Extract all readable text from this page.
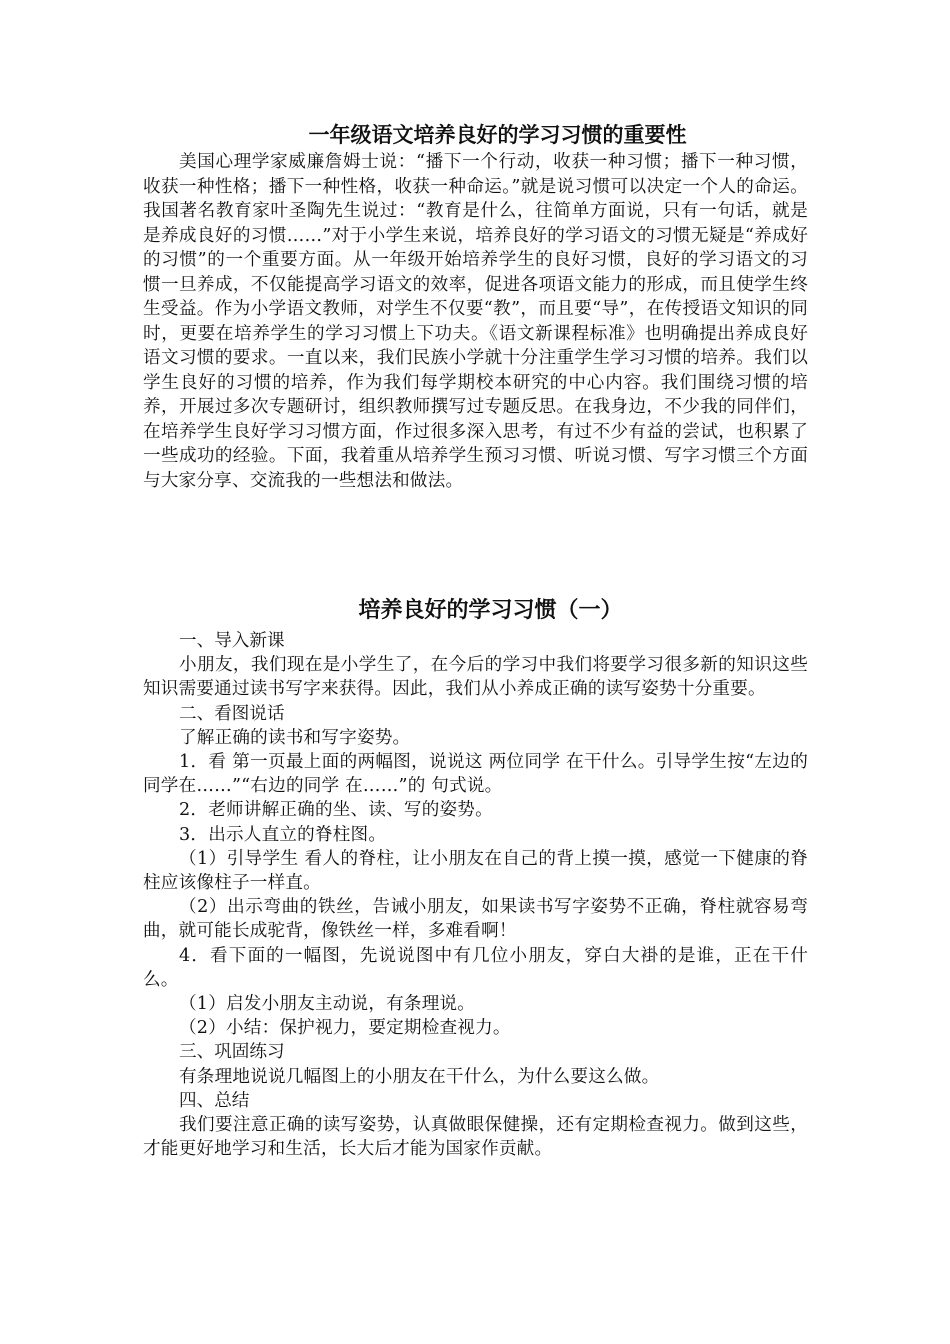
一年级语文培养良好的学习习惯的重要性

美国心理学家威廉詹姆士说：“播下一个行动，收获一种习惯；播下一种习惯，收获一种性格；播下一种性格，收获一种命运。”就是说习惯可以决定一个人的命运。我国著名教育家叶圣陶先生说过：“教育是什么，往简单方面说，只有一句话，就是是养成良好的习惯……”对于小学生来说，培养良好的学习语文的习惯无疑是“养成好的习惯”的一个重要方面。从一年级开始培养学生的良好习惯，良好的学习语文的习惯一旦养成，不仅能提高学习语文的效率，促进各项语文能力的形成，而且使学生终生受益。作为小学语文教师，对学生不仅要“教”，而且要“导”，在传授语文知识的同时，更要在培养学生的学习习惯上下功夫。《语文新课程标准》也明确提出养成良好语文习惯的要求。一直以来，我们民族小学就十分注重学生学习习惯的培养。我们以学生良好的习惯的培养，作为我们每学期校本研究的中心内容。我们围绕习惯的培养，开展过多次专题研讨，组织教师撰写过专题反思。在我身边，不少我的同伴们，在培养学生良好学习习惯方面，作过很多深入思考，有过不少有益的尝试，也积累了一些成功的经验。下面，我着重从培养学生预习习惯、听说习惯、写字习惯三个方面与大家分享、交流我的一些想法和做法。

培养良好的学习习惯（一）

一、导入新课

小朋友，我们现在是小学生了，在今后的学习中我们将要学习很多新的知识这些知识需要通过读书写字来获得。因此，我们从小养成正确的读写姿势十分重要。

二、看图说话

了解正确的读书和写字姿势。

1．看 第一页最上面的两幅图，说说这 两位同学 在干什么。引导学生按“左边的同学在……”“右边的同学 在……”的 句式说。

2．老师讲解正确的坐、读、写的姿势。

3．出示人直立的脊柱图。

（1）引导学生 看人的脊柱，让小朋友在自己的背上摸一摸，感觉一下健康的脊柱应该像柱子一样直。

（2）出示弯曲的铁丝，告诫小朋友，如果读书写字姿势不正确，脊柱就容易弯曲，就可能长成驼背，像铁丝一样，多难看啊！

4．看下面的一幅图，先说说图中有几位小朋友，穿白大褂的是谁，正在干什么。

（1）启发小朋友主动说，有条理说。

（2）小结：保护视力，要定期检查视力。

三、巩固练习

有条理地说说几幅图上的小朋友在干什么，为什么要这么做。

四、总结

我们要注意正确的读写姿势，认真做眼保健操，还有定期检查视力。做到这些，才能更好地学习和生活，长大后才能为国家作贡献。
